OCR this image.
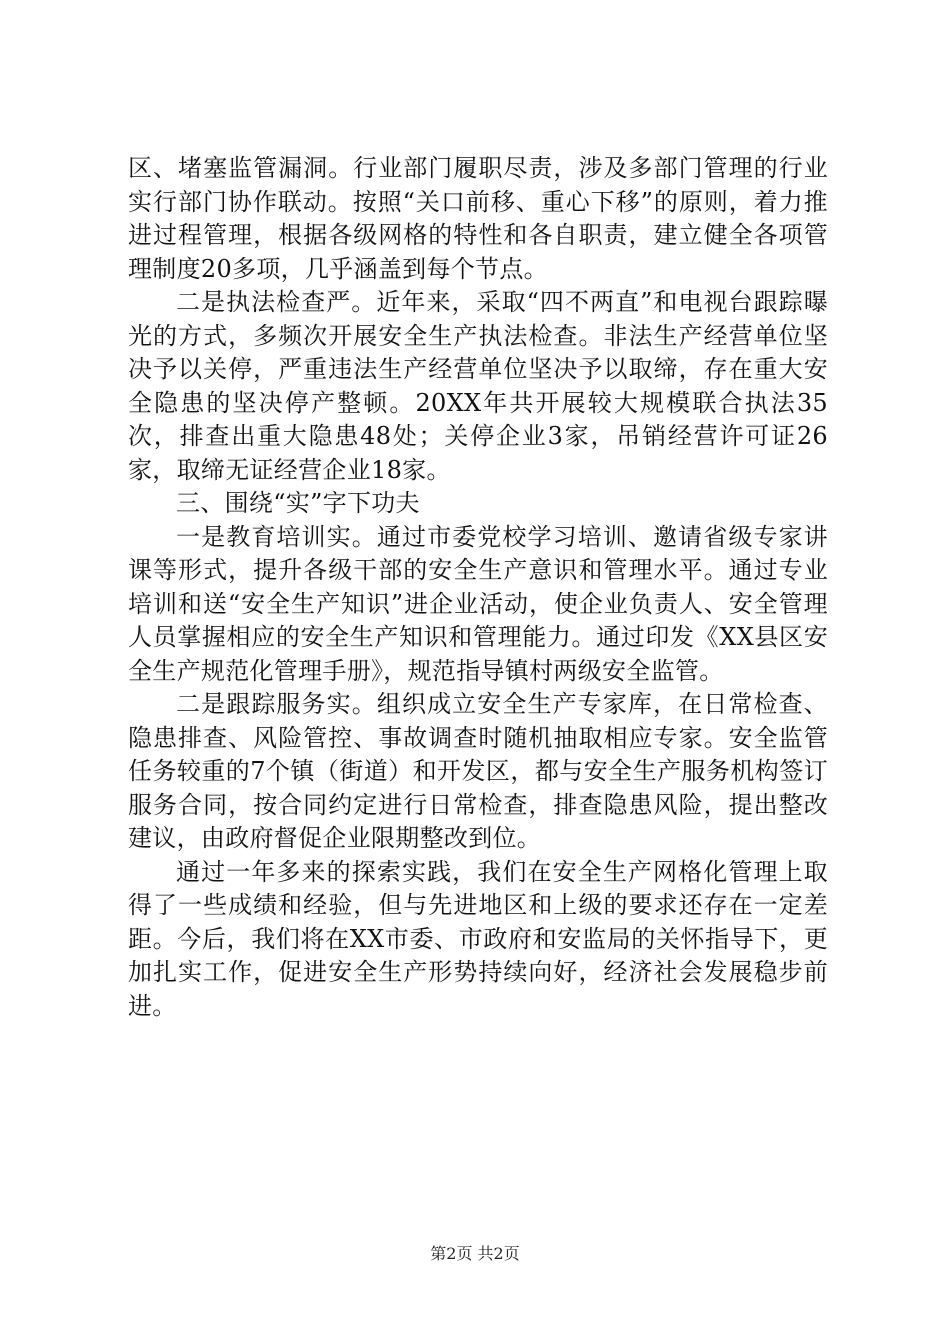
区、堵塞监管漏洞。行业部门履职尽责，涉及多部门管理的行业实行部门协作联动。按照“关口前移、重心下移”的原则，着力推进过程管理，根据各级网格的特性和各自职责，建立健全各项管理制度20多项，几乎涵盖到每个节点。

二是执法检查严。近年来，采取“四不两直”和电视台跟踪曝光的方式，多频次开展安全生产执法检查。非法生产经营单位坚决予以关停，严重违法生产经营单位坚决予以取缔，存在重大安全隐患的坚决停产整顿。20XX年共开展较大规模联合执法35次，排查出重大隐患48处；关停企业3家，吊销经营许可证26家，取缔无证经营企业18家。

三、围绕“实”字下功夫

一是教育培训实。通过市委党校学习培训、邀请省级专家讲课等形式，提升各级干部的安全生产意识和管理水平。通过专业培训和送“安全生产知识”进企业活动，使企业负责人、安全管理人员掌握相应的安全生产知识和管理能力。通过印发《XX县区安全生产规范化管理手册》，规范指导镇村两级安全监管。

二是跟踪服务实。组织成立安全生产专家库，在日常检查、隐患排查、风险管控、事故调查时随机抽取相应专家。安全监管任务较重的7个镇（街道）和开发区，都与安全生产服务机构签订服务合同，按合同约定进行日常检查，排查隐患风险，提出整改建议，由政府督促企业限期整改到位。

通过一年多来的探索实践，我们在安全生产网格化管理上取得了一些成绩和经验，但与先进地区和上级的要求还存在一定差距。今后，我们将在XX市委、市政府和安监局的关怀指导下，更加扎实工作，促进安全生产形势持续向好，经济社会发展稳步前进。

第2页 共2页
